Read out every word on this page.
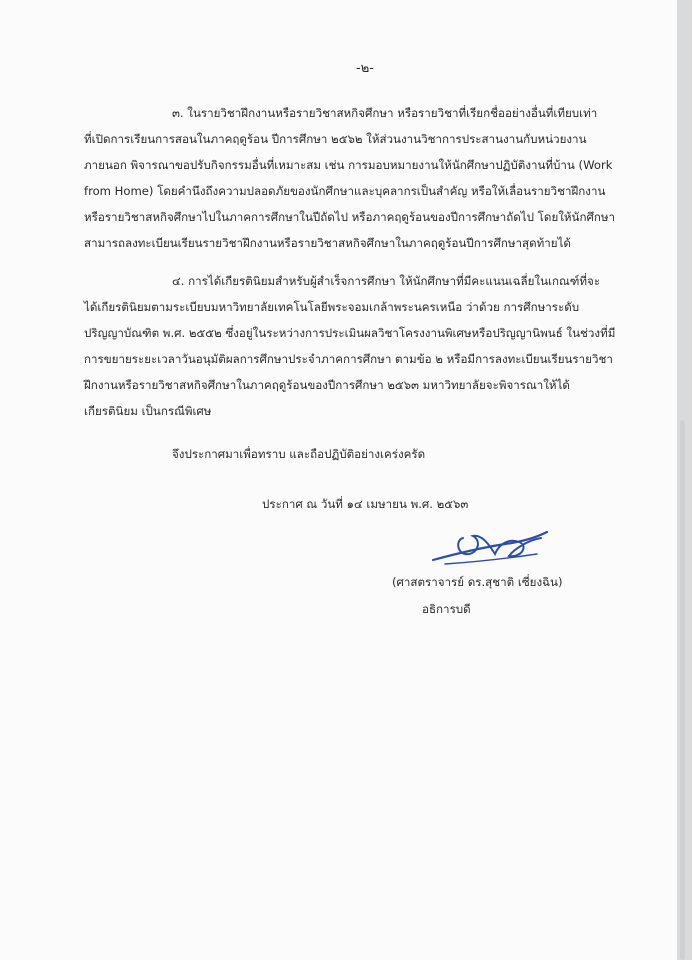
-๒-
๓. ในรายวิชาฝึกงานหรือรายวิชาสหกิจศึกษา หรือรายวิชาที่เรียกชื่ออย่างอื่นที่เทียบเท่า
ที่เปิดการเรียนการสอนในภาคฤดูร้อน ปีการศึกษา ๒๕๖๒ ให้ส่วนงานวิชาการประสานงานกับหน่วยงาน
ภายนอก พิจารณาขอปรับกิจกรรมอื่นที่เหมาะสม เช่น การมอบหมายงานให้นักศึกษาปฏิบัติงานที่บ้าน (Work
from Home) โดยคำนึงถึงความปลอดภัยของนักศึกษาและบุคลากรเป็นสำคัญ หรือให้เลื่อนรายวิชาฝึกงาน
หรือรายวิชาสหกิจศึกษาไปในภาคการศึกษาในปีถัดไป หรือภาคฤดูร้อนของปีการศึกษาถัดไป โดยให้นักศึกษา
สามารถลงทะเบียนเรียนรายวิชาฝึกงานหรือรายวิชาสหกิจศึกษาในภาคฤดูร้อนปีการศึกษาสุดท้ายได้
๔. การได้เกียรตินิยมสำหรับผู้สำเร็จการศึกษา ให้นักศึกษาที่มีคะแนนเฉลี่ยในเกณฑ์ที่จะ
ได้เกียรตินิยมตามระเบียบมหาวิทยาลัยเทคโนโลยีพระจอมเกล้าพระนครเหนือ ว่าด้วย การศึกษาระดับ
ปริญญาบัณฑิต พ.ศ. ๒๕๕๒ ซึ่งอยู่ในระหว่างการประเมินผลวิชาโครงงานพิเศษหรือปริญญานิพนธ์ ในช่วงที่มี
การขยายระยะเวลาวันอนุมัติผลการศึกษาประจำภาคการศึกษา ตามข้อ ๒ หรือมีการลงทะเบียนเรียนรายวิชา
ฝึกงานหรือรายวิชาสหกิจศึกษาในภาคฤดูร้อนของปีการศึกษา ๒๕๖๓ มหาวิทยาลัยจะพิจารณาให้ได้
เกียรตินิยม เป็นกรณีพิเศษ
จึงประกาศมาเพื่อทราบ และถือปฏิบัติอย่างเคร่งครัด
ประกาศ ณ วันที่ ๑๔ เมษายน พ.ศ. ๒๕๖๓
(ศาสตราจารย์ ดร.สุชาติ เซี่ยงฉิน)
อธิการบดี
